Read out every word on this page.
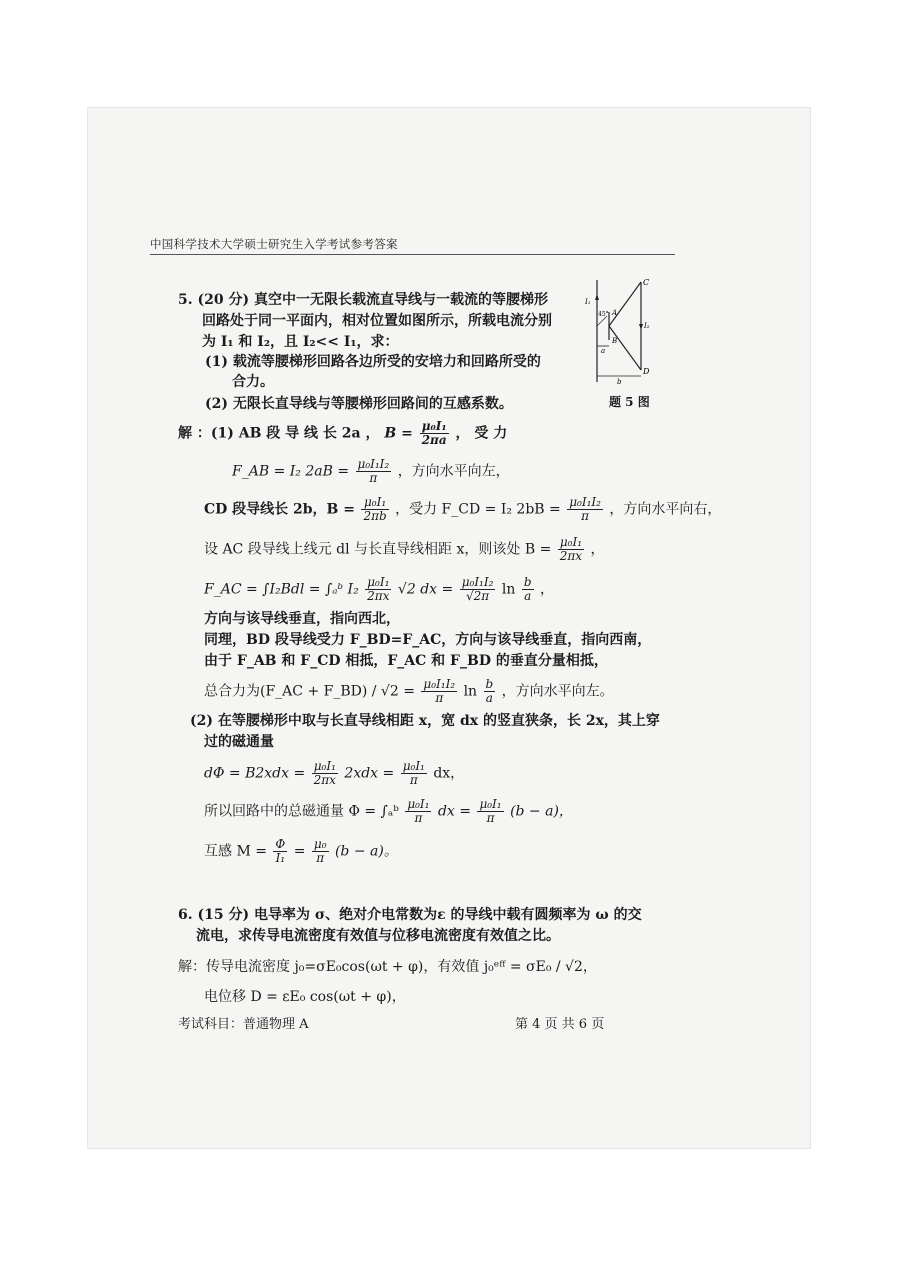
中国科学技术大学硕士研究生入学考试参考答案
5. (20 分) 真空中一无限长载流直导线与一载流的等腰梯形
回路处于同一平面内，相对位置如图所示，所载电流分别
为 I₁ 和 I₂，且 I₂<< I₁，求：
(1) 载流等腰梯形回路各边所受的安培力和回路所受的
合力。
(2) 无限长直导线与等腰梯形回路间的互感系数。
C
D
A
B
I₁
I₂
45°
a
b
题 5 图
解 ：(1) AB 段 导 线 长 2a ， $B = \frac{\text{μ₀I₁}}{2\pi a}$ ， 受 力
F_AB = I₂ $2aB = \frac{\text{μ₀I₁I₂}}{\pi}$ ，方向水平向左，
CD 段导线长 2b，$B = \frac{\text{μ₀I₁}}{2\pi b}$ ，受力 F_CD = I₂ $2bB = \frac{\text{μ₀I₁I₂}}{\pi}$ ，方向水平向右，
设 AC 段导线上线元 dl 与长直导线相距 x，则该处 $B = \frac{\text{μ₀I₁}}{2\pi x}$ ，
F_AC = ∫I₂Bdl = ∫ₐᵇ $I_2 \frac{\text{μ₀I₁}}{2\pi x} √2$ dx = $\frac{\text{μ₀I₁I₂}}{√2\pi}$ $\ln \frac{b}{a}$ ，
方向与该导线垂直，指向西北，
同理，BD 段导线受力 F_BD=F_AC，方向与该导线垂直，指向西南，
由于 F_AB 和 F_CD 相抵，F_AC 和 F_BD 的垂直分量相抵，
总合力为(F_AC + F_BD) / $√2 = \frac{\text{μ₀I₁I₂}}{\pi}$ $\ln \frac{b}{a}$ ，方向水平向左。
(2) 在等腰梯形中取与长直导线相距 x，宽 dx 的竖直狭条，长 2x，其上穿
过的磁通量
$d\Phi = B2xdx = \frac{\text{μ₀I₁}}{2\pi x} 2xdx = \frac{\text{μ₀I₁}}{\pi}$ dx，
所以回路中的总磁通量 Φ = ∫ₐᵇ $\frac{\text{μ₀I₁}}{\pi}$ dx = $\frac{\text{μ₀I₁}}{\pi} (b - a)$，
互感 $M = \frac{\Phi}{\text{I₁}} = \frac{\text{μ₀}}{\pi} (b - a)$。
6. (15 分) 电导率为 σ、绝对介电常数为ε 的导线中载有圆频率为 ω 的交
流电，求传导电流密度有效值与位移电流密度有效值之比。
解：传导电流密度 j₀=σE₀cos(ωt + φ)，有效值 j₀ᵉᶠᶠ = σE₀ / √2，
电位移 D = εE₀ cos(ωt + φ)，
考试科目：普通物理 A	第 4 页 共 6 页
